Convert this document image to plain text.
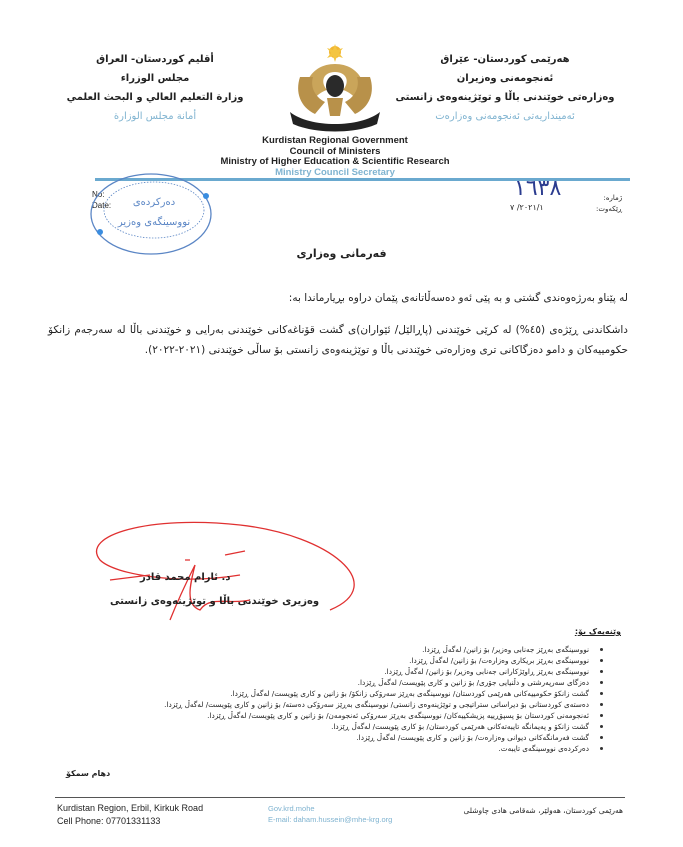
هەرێمی کوردستان- عێراق
ئەنجومەنی وەزیران
وەزارەتی خوێندنی باڵا و توێژینەوەی زانستی
ئەمینداریەتی ئەنجومەنی وەزارەت
أقليم كوردستان- العراق
مجلس الوزراء
وزارة التعليم العالي و البحث العلمي
أمانة مجلس الوزارة
Kurdistan Regional Government
Council of Ministers
Ministry of Higher Education & Scientific Research
Ministry Council Secretary
No:
Date: دەرکردەی
نووسینگەی وەزیر
١٦٣٨	ژمارە:
ڕێکەوت:
٢٠٢١/١/ ٧
فەرمانی وەزاری
لە پێناو بەرژەوەندی گشتی و بە پێی ئەو دەسەڵاتانەی پێمان دراوە بڕیارماندا بە:
داشکاندنی ڕێژەی (٤٥%) لە کرێی خوێندنی (پاڕالێل/ ئێواران)ی گشت قۆناغەکانی خوێندنی بەرایی و خوێندنی باڵا لە سەرجەم زانکۆ حکومییەکان و دامو دەزگاکانی تری وەزارەتی خوێندنی باڵا و توێژینەوەی زانستی بۆ ساڵی خوێندنی (٢٠٢١-٢٠٢٢).
د. ئارام محمد قادر
وەزیری خوێندنی باڵا و توێژینەوەی زانستی
وێنەیەک بۆ:
نووسینگەی بەڕێز جەنابی وەزیر/ بۆ زانین/ لەگەڵ ڕێزدا.
نووسینگەی بەڕێز بریکاری وەزارەت/ بۆ زانین/ لەگەڵ ڕێزدا.
نووسینگەی بەڕێز ڕاوێژکارانی جەنابی وەزیر/ بۆ زانین/ لەگەڵ ڕێزدا.
دەزگای سەرپەرشتی و دڵنیایی جۆری/ بۆ زانین و کاری پێویست/ لەگەڵ ڕێزدا.
گشت زانکۆ حکومییەکانی هەرێمی کوردستان/ نووسینگەی بەڕێز سەرۆکی زانکۆ/ بۆ زانین و کاری پێویست/ لەگەڵ ڕێزدا.
دەستەی کوردستانی بۆ دیراساتی ستراتیجی و توێژینەوەی زانستی/ نووسینگەی بەڕێز سەرۆکی دەستە/ بۆ زانین و کاری پێویست/ لەگەڵ ڕێزدا.
ئەنجومەنی کوردستان بۆ پسپۆڕییە پزیشکییەکان/ نووسینگەی بەڕێز سەرۆکی ئەنجومەن/ بۆ زانین و کاری پێویست/ لەگەڵ ڕێزدا.
گشت زانکۆ و پەیمانگە تایبەتەکانی هەرێمی کوردستان/ بۆ کاری پێویست/ لەگەڵ ڕێزدا.
گشت فەرمانگەکانی دیوانی وەزارەت/ بۆ زانین و کاری پێویست/ لەگەڵ ڕێزدا.
دەرکردەی نووسینگەی تایبەت.
دهام سمکۆ
Kurdistan Region, Erbil, Kirkuk Road
Cell Phone: 07701331133
Gov.krd.mohe
E-mail: daham.hussein@mhe-krg.org
هەرێمی کوردستان، هەولێر، شەقامی هادی چاوشلی
